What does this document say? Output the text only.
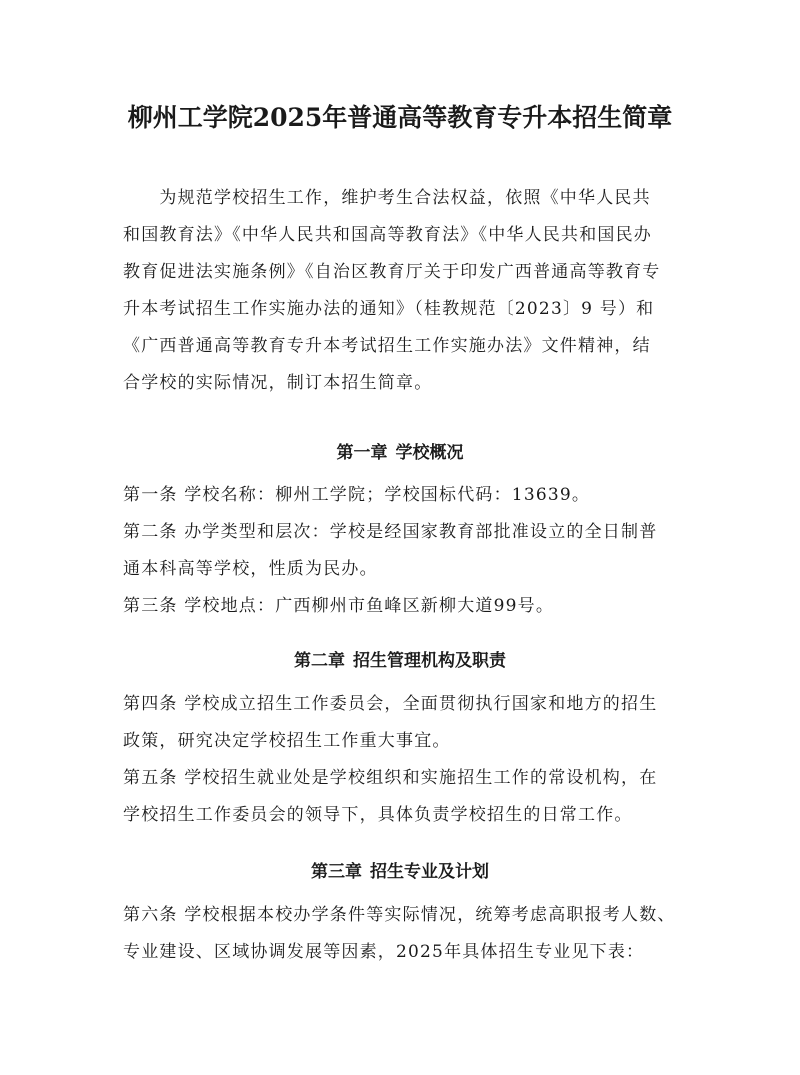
柳州工学院2025年普通高等教育专升本招生简章
　　为规范学校招生工作，维护考生合法权益，依照《中华人民共
和国教育法》《中华人民共和国高等教育法》《中华人民共和国民办
教育促进法实施条例》《自治区教育厅关于印发广西普通高等教育专
升本考试招生工作实施办法的通知》（桂教规范〔2023〕9 号）和
《广西普通高等教育专升本考试招生工作实施办法》文件精神，结
合学校的实际情况，制订本招生简章。
第一章 学校概况
第一条 学校名称：柳州工学院；学校国标代码：13639。
第二条 办学类型和层次：学校是经国家教育部批准设立的全日制普
通本科高等学校，性质为民办。
第三条 学校地点：广西柳州市鱼峰区新柳大道99号。
第二章 招生管理机构及职责
第四条 学校成立招生工作委员会，全面贯彻执行国家和地方的招生
政策，研究决定学校招生工作重大事宜。
第五条 学校招生就业处是学校组织和实施招生工作的常设机构，在
学校招生工作委员会的领导下，具体负责学校招生的日常工作。
第三章 招生专业及计划
第六条 学校根据本校办学条件等实际情况，统筹考虑高职报考人数、
专业建设、区域协调发展等因素，2025年具体招生专业见下表：
